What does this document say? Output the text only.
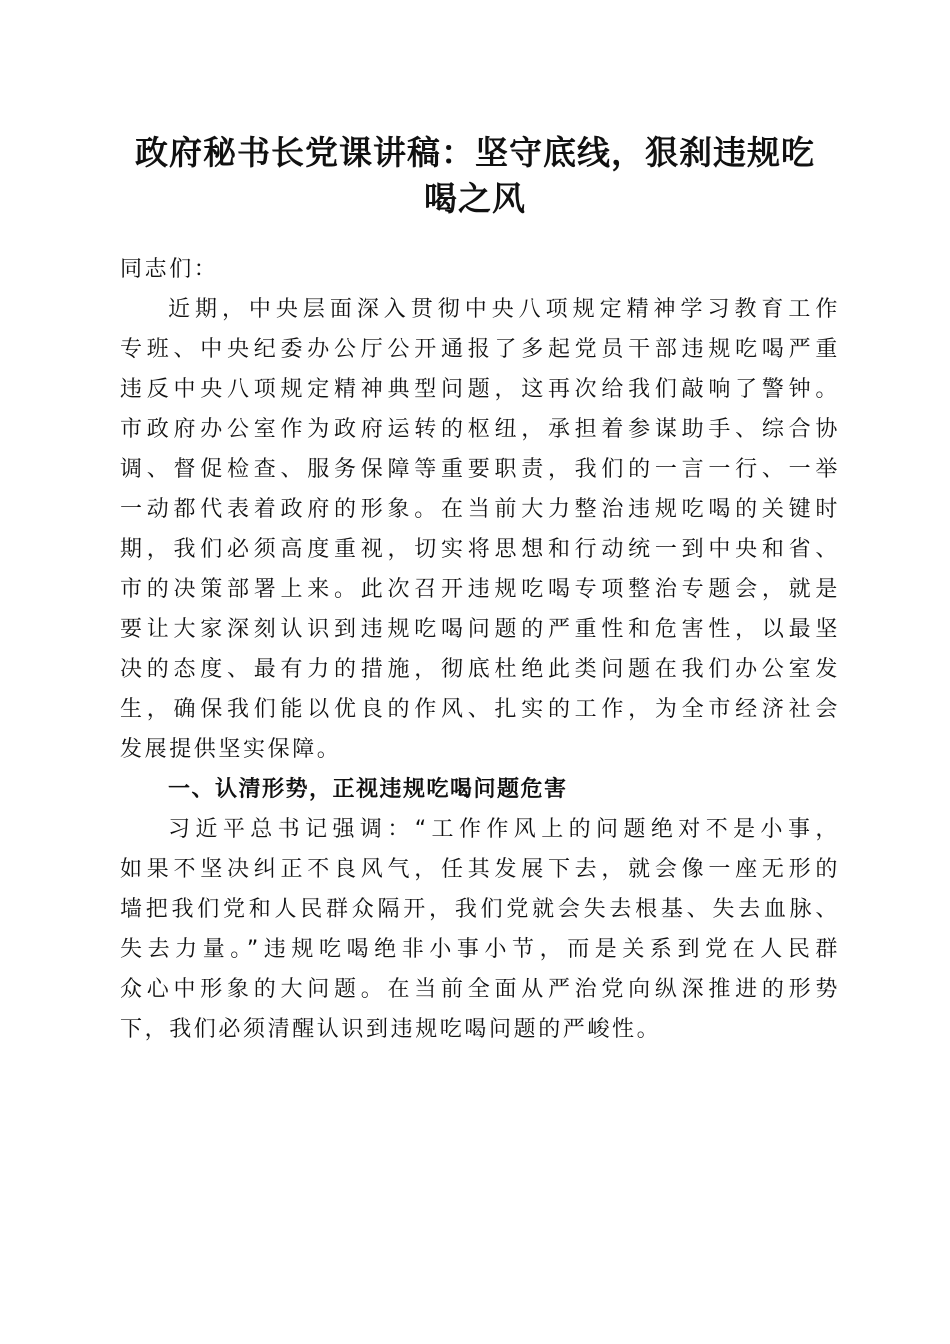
政府秘书长党课讲稿：坚守底线，狠刹违规吃
喝之风
同志们：
近期，中央层面深入贯彻中央八项规定精神学习教育工作
专班、中央纪委办公厅公开通报了多起党员干部违规吃喝严重
违反中央八项规定精神典型问题，这再次给我们敲响了警钟。
市政府办公室作为政府运转的枢纽，承担着参谋助手、综合协
调、督促检查、服务保障等重要职责，我们的一言一行、一举
一动都代表着政府的形象。在当前大力整治违规吃喝的关键时
期，我们必须高度重视，切实将思想和行动统一到中央和省、
市的决策部署上来。此次召开违规吃喝专项整治专题会，就是
要让大家深刻认识到违规吃喝问题的严重性和危害性，以最坚
决的态度、最有力的措施，彻底杜绝此类问题在我们办公室发
生，确保我们能以优良的作风、扎实的工作，为全市经济社会
发展提供坚实保障。
一、认清形势，正视违规吃喝问题危害
习近平总书记强调：“工作作风上的问题绝对不是小事，
如果不坚决纠正不良风气，任其发展下去，就会像一座无形的
墙把我们党和人民群众隔开，我们党就会失去根基、失去血脉、
失去力量。”违规吃喝绝非小事小节，而是关系到党在人民群
众心中形象的大问题。在当前全面从严治党向纵深推进的形势
下，我们必须清醒认识到违规吃喝问题的严峻性。
